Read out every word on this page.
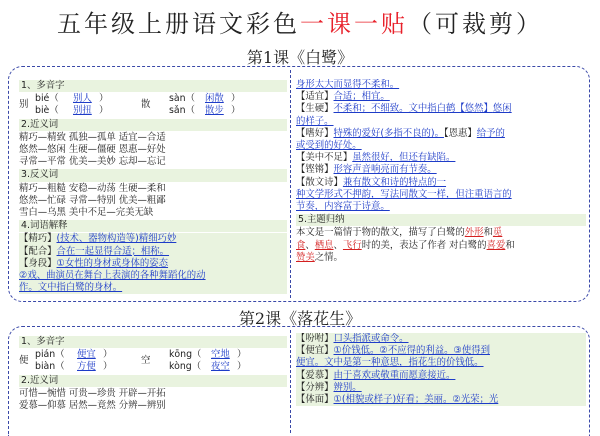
五年级上册语文彩色一课一贴（可裁剪）
第1课《白鹭》
1、多音字
别
bié（ 别人 ）
散
sàn（ 闲散 ）
biè（ 别扭 ）	sǎn（ 散步 ）
2.近义词
精巧—精致 孤独—孤单 适宜—合适
悠然—悠闲 生硬—僵硬 恩惠—好处
寻常—平常 优美—美妙 忘却—忘记
3.反义词
精巧—粗糙 安稳—动荡 生硬—柔和
悠然—忙碌 寻常—特别 优美—粗鄙
雪白—乌黑 美中不足—完美无缺
4.词语解释
【精巧】(技术、器物构造等)精细巧妙
【配合】合在一起显得合适；相称。
【身段】①女性的身材或身体的姿态
②戏、曲演员在舞台上表演的各种舞蹈化的动
作。文中指白鹭的身材。
身形太大而显得不柔和。
【适宜】合适；相宜。
【生硬】不柔和；不细致。文中指白鹤【悠然】悠闲
的样子。
【嗜好】特殊的爱好(多指不良的)。【恩惠】给予的
或受到的好处。
【美中不足】虽然很好，但还有缺陷。
【铿锵】形容声音响亮而有节奏。
【散文诗】兼有散文和诗的特点的一
种文学形式不押韵，写法同散文一样，但注重语言的
节奏，内容富于诗意。
5.主题归纳
本文是一篇情于物的散文，描写了白鹭的外形和觅
食、栖息、飞行时的美，表达了作者 对白鹭的喜爱和
赞美之情。
第2课《落花生》
1、多音字
便
pián（ 便宜 ）
空
kōng（ 空地 ）
biàn（ 方便 ）	kòng（ 夜空 ）
2.近义词
可惜—惋惜 可贵—珍贵 开辟—开拓
爱慕—仰慕 居然—竟然 分辨—辨别
【吩咐】口头指派或命令。
【便宜】①价钱低。②不应得的利益。③使得到
便宜。文中是第一种意思，指花生的价钱低。
【爱慕】由于喜欢或敬重而愿意接近。
【分辨】辨别。
【体面】①(相貌或样子)好看；美丽。②光荣；光
